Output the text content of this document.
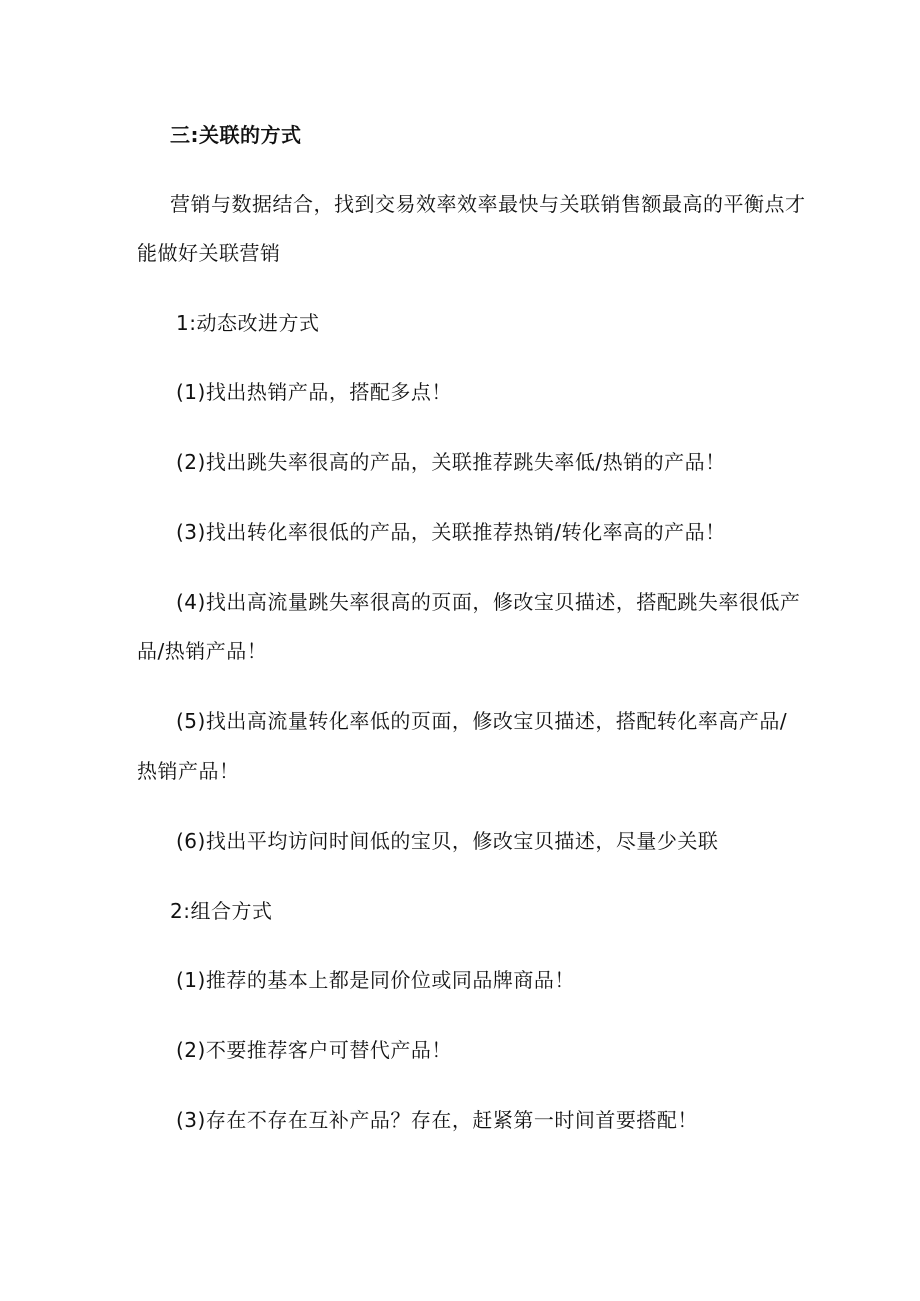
三:关联的方式
营销与数据结合，找到交易效率效率最快与关联销售额最高的平衡点才
能做好关联营销
1:动态改进方式
(1)找出热销产品，搭配多点！
(2)找出跳失率很高的产品，关联推荐跳失率低/热销的产品！
(3)找出转化率很低的产品，关联推荐热销/转化率高的产品！
(4)找出高流量跳失率很高的页面，修改宝贝描述，搭配跳失率很低产
品/热销产品！
(5)找出高流量转化率低的页面，修改宝贝描述，搭配转化率高产品/
热销产品！
(6)找出平均访问时间低的宝贝，修改宝贝描述，尽量少关联
2:组合方式
(1)推荐的基本上都是同价位或同品牌商品！
(2)不要推荐客户可替代产品！
(3)存在不存在互补产品？存在，赶紧第一时间首要搭配！
